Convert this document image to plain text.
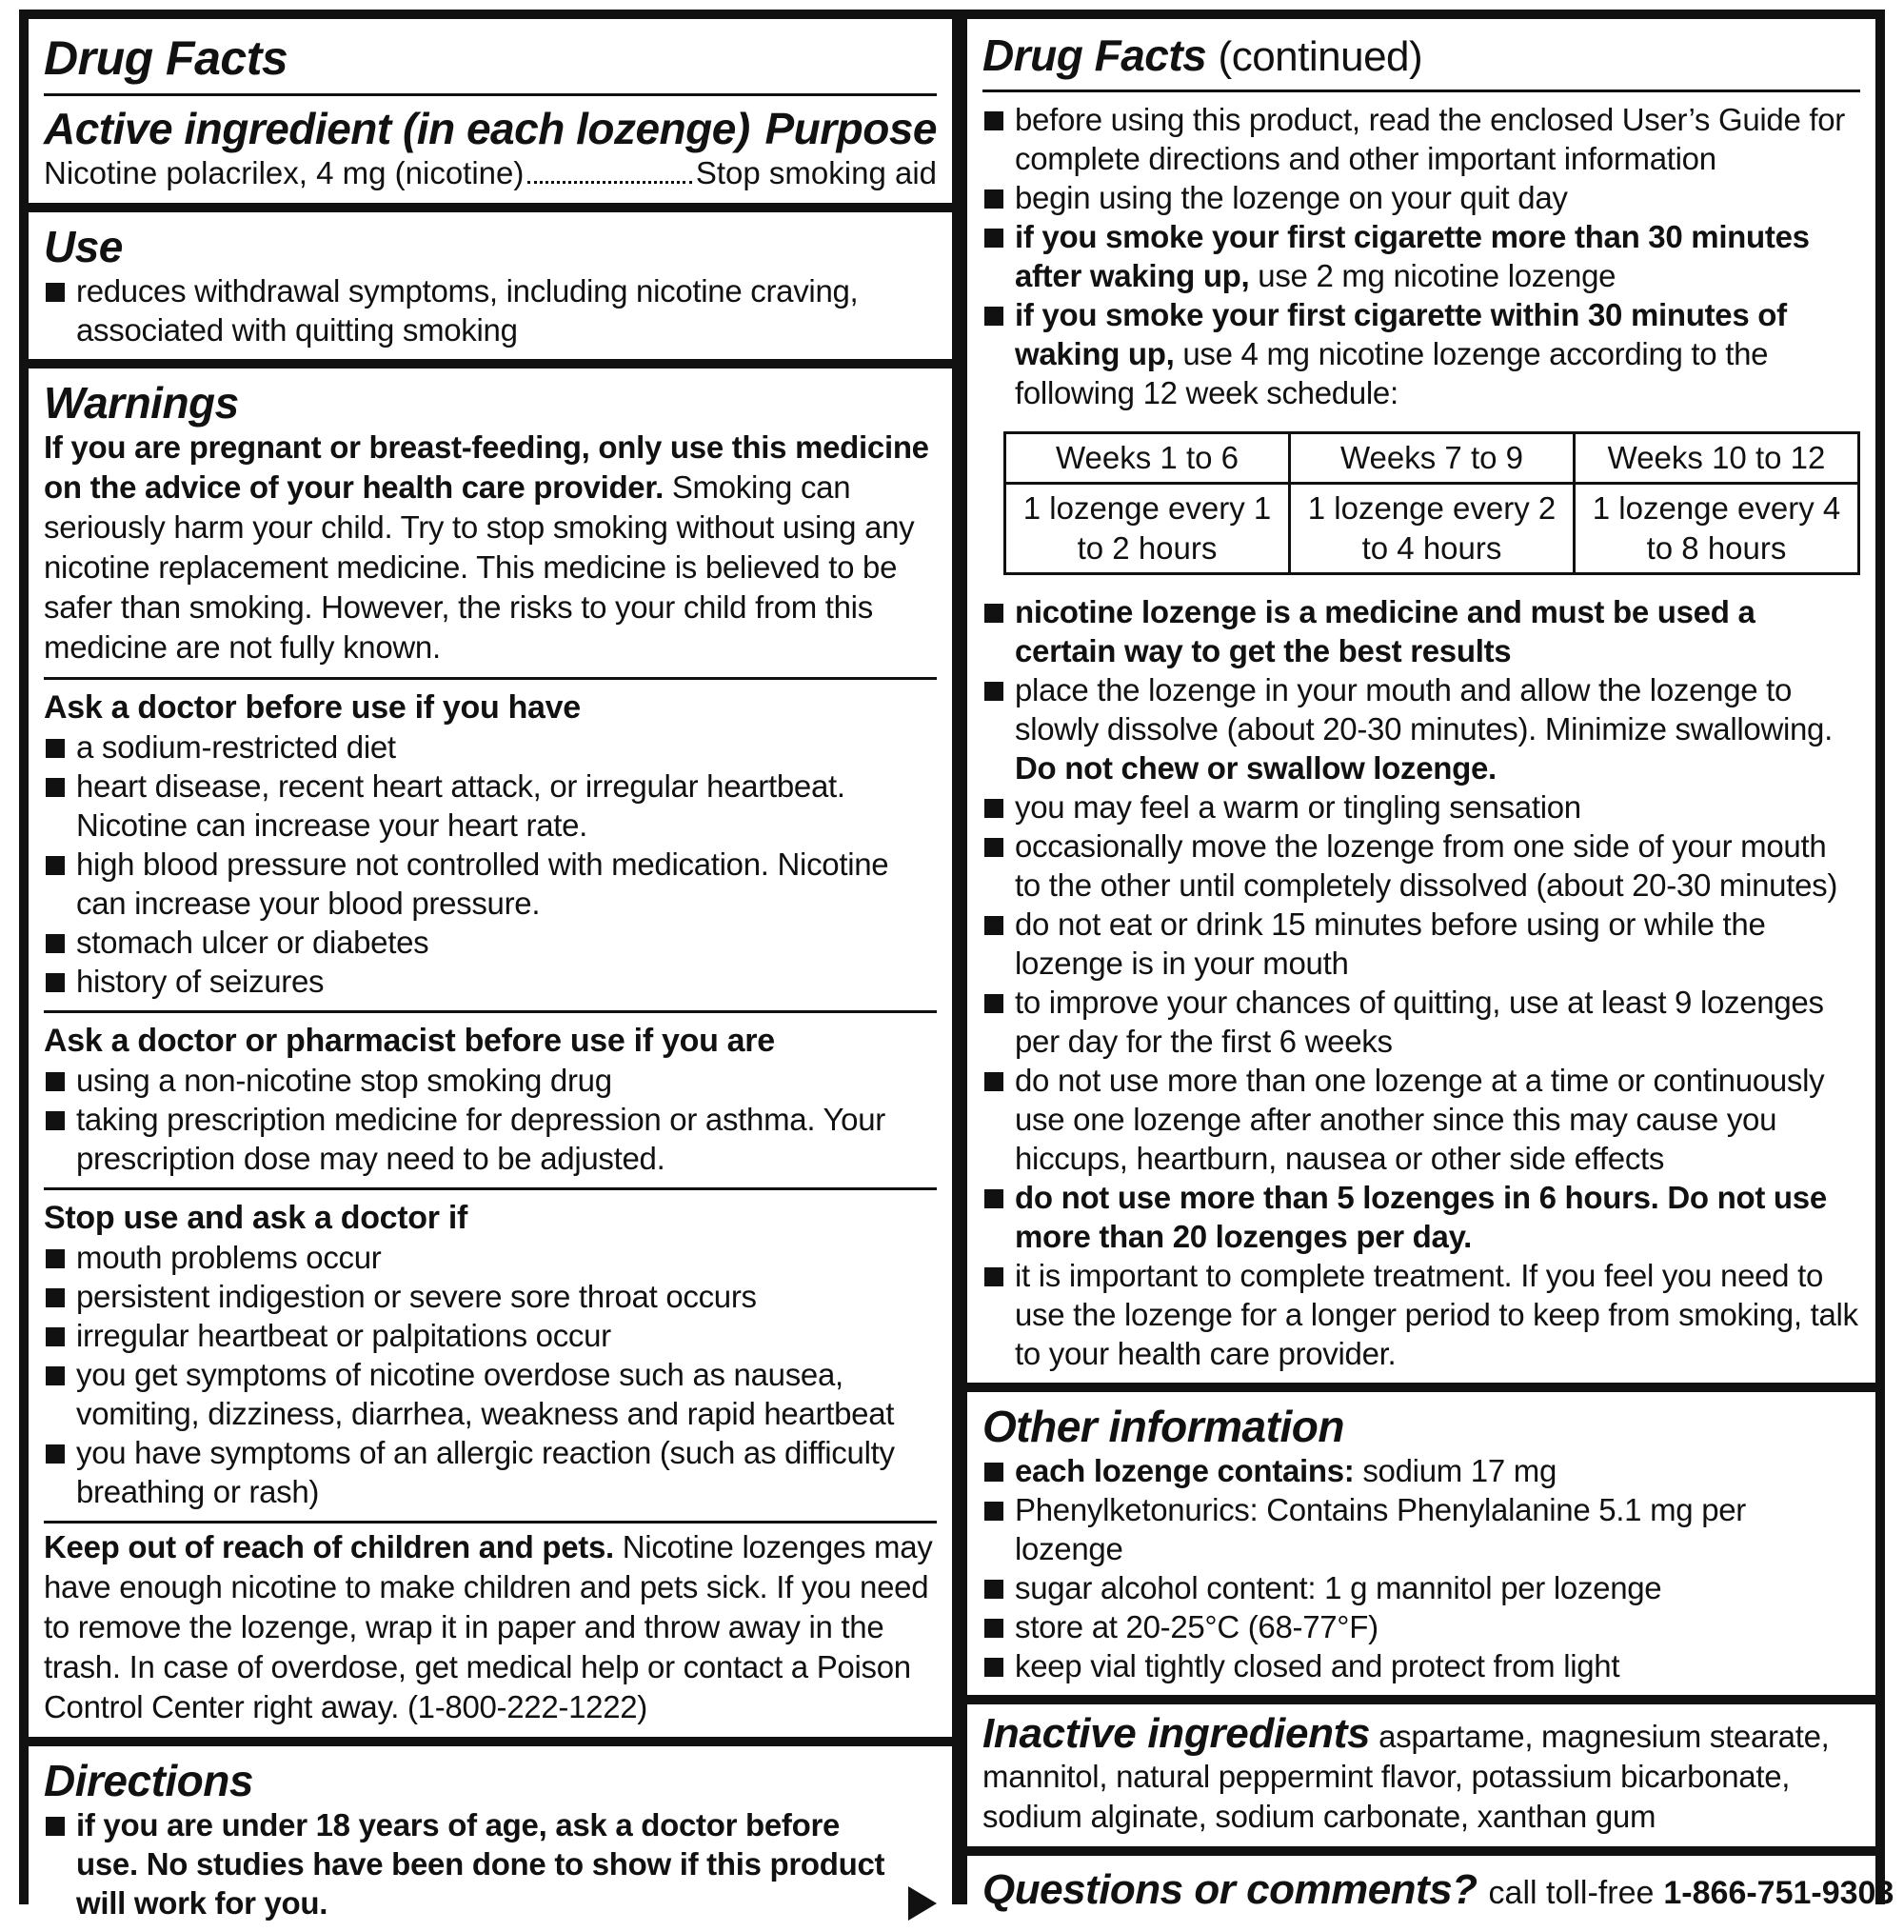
Drug Facts
Active ingredient (in each lozenge) Purpose
Nicotine polacrilex, 4 mg (nicotine)	Stop smoking aid
Use
reduces withdrawal symptoms, including nicotine craving, associated with quitting smoking
Warnings

If you are pregnant or breast-feeding, only use this medicine on the advice of your health care provider. Smoking can seriously harm your child. Try to stop smoking without using any nicotine replacement medicine. This medicine is believed to be safer than smoking. However, the risks to your child from this medicine are not fully known.

Ask a doctor before use if you have
a sodium-restricted diet
heart disease, recent heart attack, or irregular heartbeat. Nicotine can increase your heart rate.
high blood pressure not controlled with medication. Nicotine can increase your blood pressure.
stomach ulcer or diabetes
history of seizures
Ask a doctor or pharmacist before use if you are
using a non-nicotine stop smoking drug
taking prescription medicine for depression or asthma. Your prescription dose may need to be adjusted.
Stop use and ask a doctor if
mouth problems occur
persistent indigestion or severe sore throat occurs
irregular heartbeat or palpitations occur
you get symptoms of nicotine overdose such as nausea, vomiting, dizziness, diarrhea, weakness and rapid heartbeat
you have symptoms of an allergic reaction (such as difficulty breathing or rash)

Keep out of reach of children and pets. Nicotine lozenges may have enough nicotine to make children and pets sick. If you need to remove the lozenge, wrap it in paper and throw away in the trash. In case of overdose, get medical help or contact a Poison Control Center right away. (1-800-222-1222)

Directions
if you are under 18 years of age, ask a doctor before use. No studies have been done to show if this product will work for you.
Drug Facts (continued)
before using this product, read the enclosed User’s Guide for complete directions and other important information
begin using the lozenge on your quit day
if you smoke your first cigarette more than 30 minutes after waking up, use 2 mg nicotine lozenge
if you smoke your first cigarette within 30 minutes of waking up, use 4 mg nicotine lozenge according to the following 12 week schedule:
Weeks 1 to 6	Weeks 7 to 9	Weeks 10 to 12
1 lozenge every 1 to 2 hours	1 lozenge every 2 to 4 hours	1 lozenge every 4 to 8 hours
nicotine lozenge is a medicine and must be used a certain way to get the best results
place the lozenge in your mouth and allow the lozenge to slowly dissolve (about 20-30 minutes). Minimize swallowing. Do not chew or swallow lozenge.
you may feel a warm or tingling sensation
occasionally move the lozenge from one side of your mouth to the other until completely dissolved (about 20-30 minutes)
do not eat or drink 15 minutes before using or while the lozenge is in your mouth
to improve your chances of quitting, use at least 9 lozenges per day for the first 6 weeks
do not use more than one lozenge at a time or continuously use one lozenge after another since this may cause you hiccups, heartburn, nausea or other side effects
do not use more than 5 lozenges in 6 hours. Do not use more than 20 lozenges per day.
it is important to complete treatment. If you feel you need to use the lozenge for a longer period to keep from smoking, talk to your health care provider.
Other information
each lozenge contains: sodium 17 mg
Phenylketonurics: Contains Phenylalanine 5.1 mg per lozenge
sugar alcohol content: 1 g mannitol per lozenge
store at 20-25°C (68-77°F)
keep vial tightly closed and protect from light

Inactive ingredients aspartame, magnesium stearate, mannitol, natural peppermint flavor, potassium bicarbonate, sodium alginate, sodium carbonate, xanthan gum

Questions or comments? call toll-free 1-866-751-9303
